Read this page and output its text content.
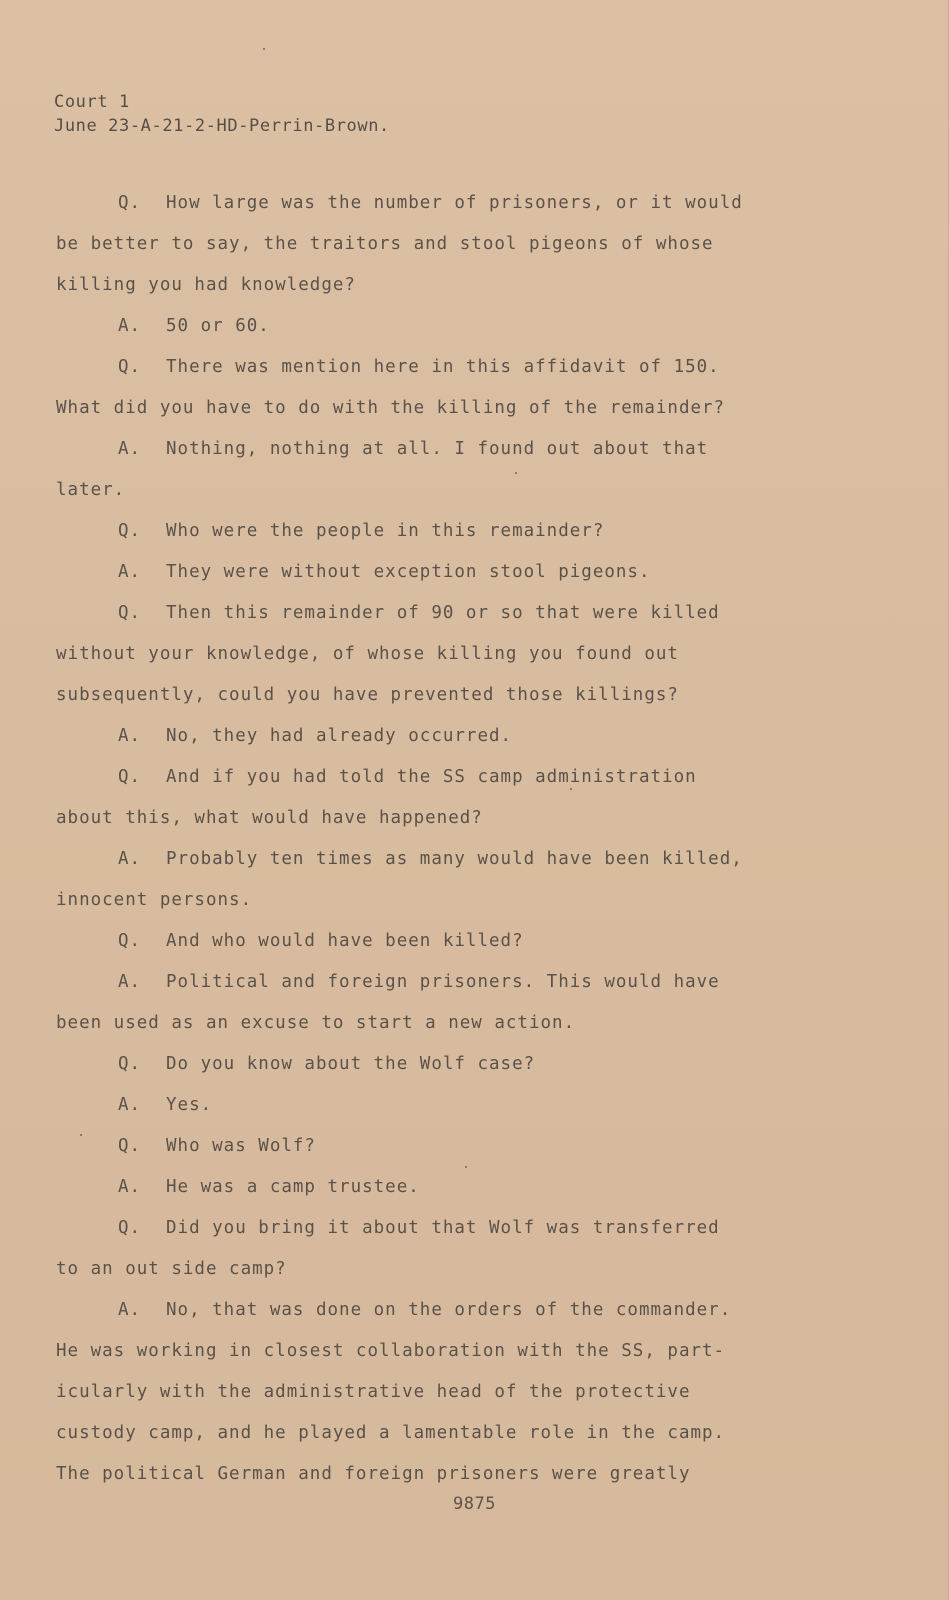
Court 1
June 23-A-21-2-HD-Perrin-Brown.
Q. How large was the number of prisoners, or it would
be better to say, the traitors and stool pigeons of whose
killing you had knowledge?
A. 50 or 60.
Q. There was mention here in this affidavit of 150.
What did you have to do with the killing of the remainder?
A. Nothing, nothing at all. I found out about that
later.
Q. Who were the people in this remainder?
A. They were without exception stool pigeons.
Q. Then this remainder of 90 or so that were killed
without your knowledge, of whose killing you found out
subsequently, could you have prevented those killings?
A. No, they had already occurred.
Q. And if you had told the SS camp administration
about this, what would have happened?
A. Probably ten times as many would have been killed,
innocent persons.
Q. And who would have been killed?
A. Political and foreign prisoners. This would have
been used as an excuse to start a new action.
Q. Do you know about the Wolf case?
A. Yes.
Q. Who was Wolf?
A. He was a camp trustee.
Q. Did you bring it about that Wolf was transferred
to an out side camp?
A. No, that was done on the orders of the commander.
He was working in closest collaboration with the SS, part-
icularly with the administrative head of the protective
custody camp, and he played a lamentable role in the camp.
The political German and foreign prisoners were greatly
9875
